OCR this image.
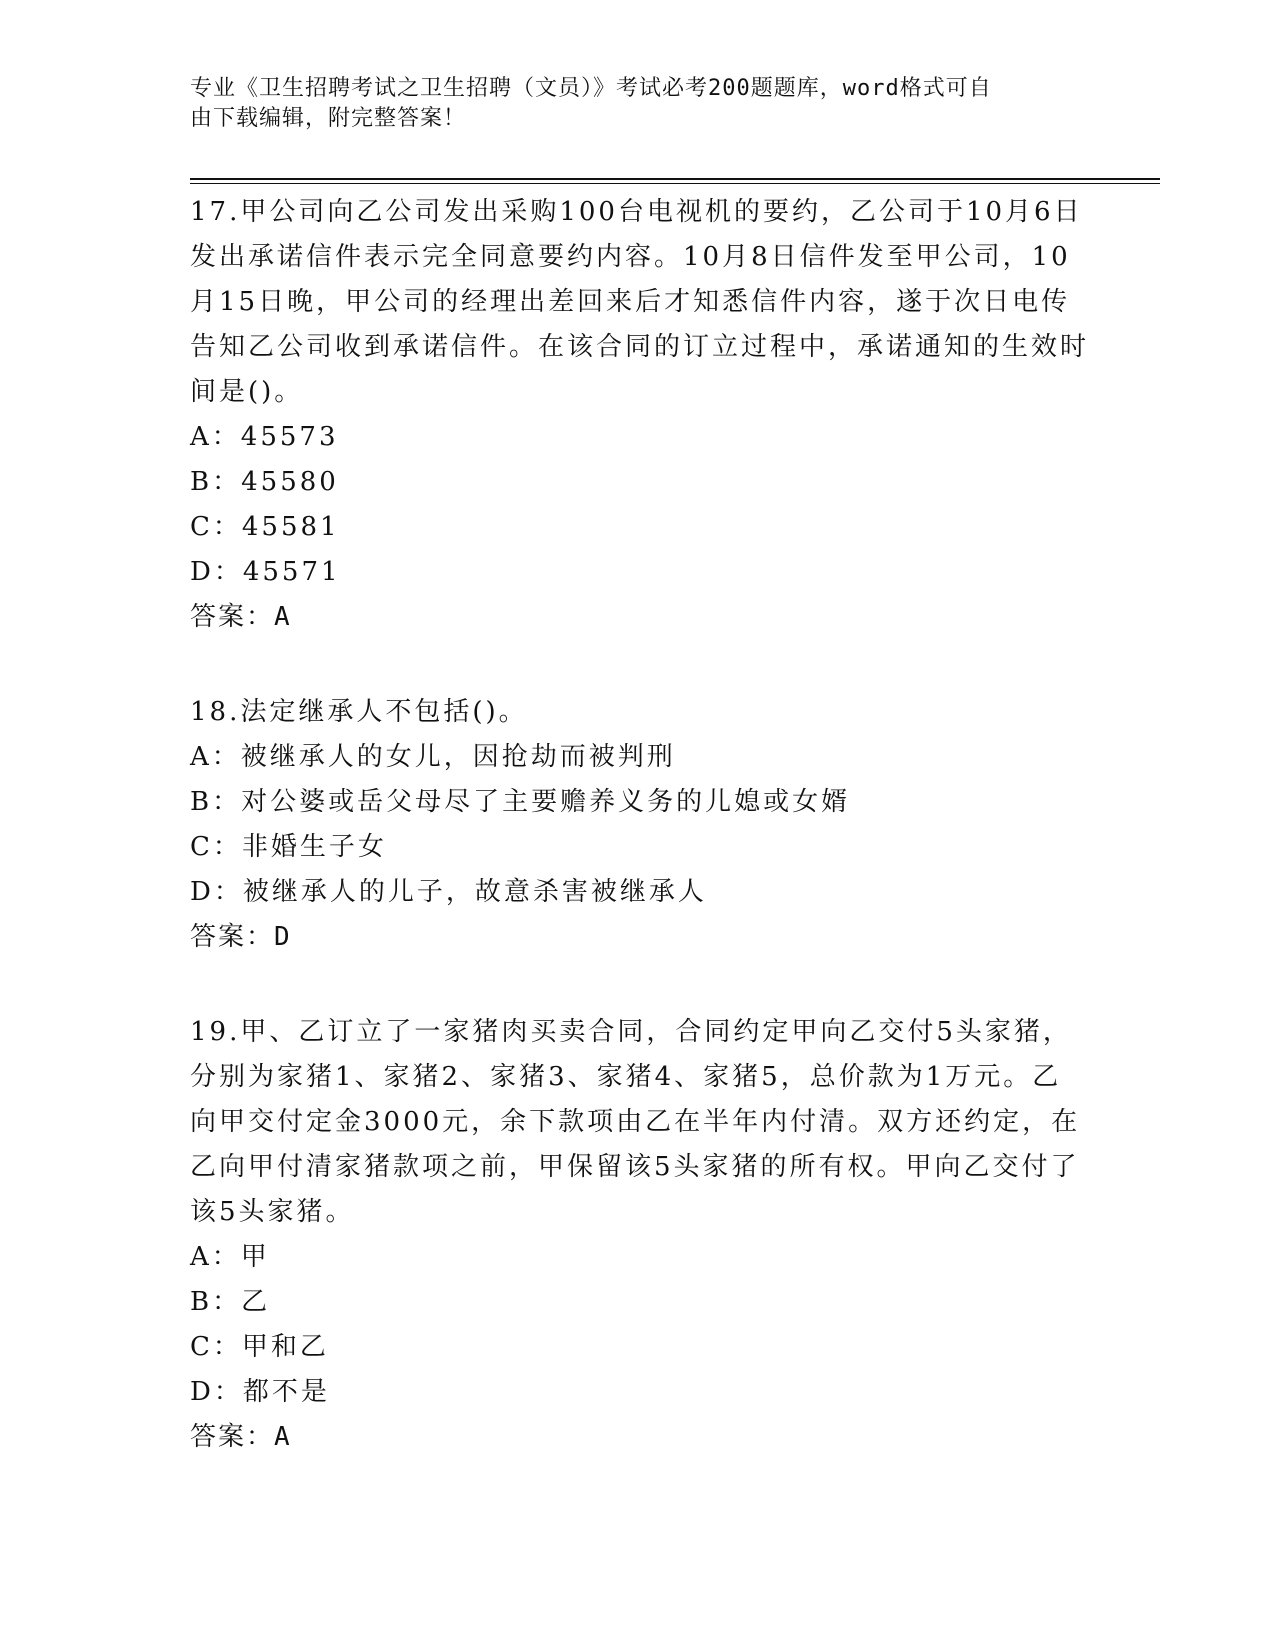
专业《卫生招聘考试之卫生招聘（文员）》考试必考200题题库，word格式可自
由下载编辑，附完整答案！

17.甲公司向乙公司发出采购100台电视机的要约，乙公司于10月6日发出承诺信件表示完全同意要约内容。10月8日信件发至甲公司，10月15日晚，甲公司的经理出差回来后才知悉信件内容，遂于次日电传告知乙公司收到承诺信件。在该合同的订立过程中，承诺通知的生效时间是()。

A：45573

B：45580

C：45581

D：45571

答案：A

18.法定继承人不包括()。

A：被继承人的女儿，因抢劫而被判刑

B：对公婆或岳父母尽了主要赡养义务的儿媳或女婿

C：非婚生子女

D：被继承人的儿子，故意杀害被继承人

答案：D

19.甲、乙订立了一家猪肉买卖合同，合同约定甲向乙交付5头家猪，分别为家猪1、家猪2、家猪3、家猪4、家猪5，总价款为1万元。乙向甲交付定金3000元，余下款项由乙在半年内付清。双方还约定，在乙向甲付清家猪款项之前，甲保留该5头家猪的所有权。甲向乙交付了该5头家猪。

A：甲

B：乙

C：甲和乙

D：都不是

答案：A
